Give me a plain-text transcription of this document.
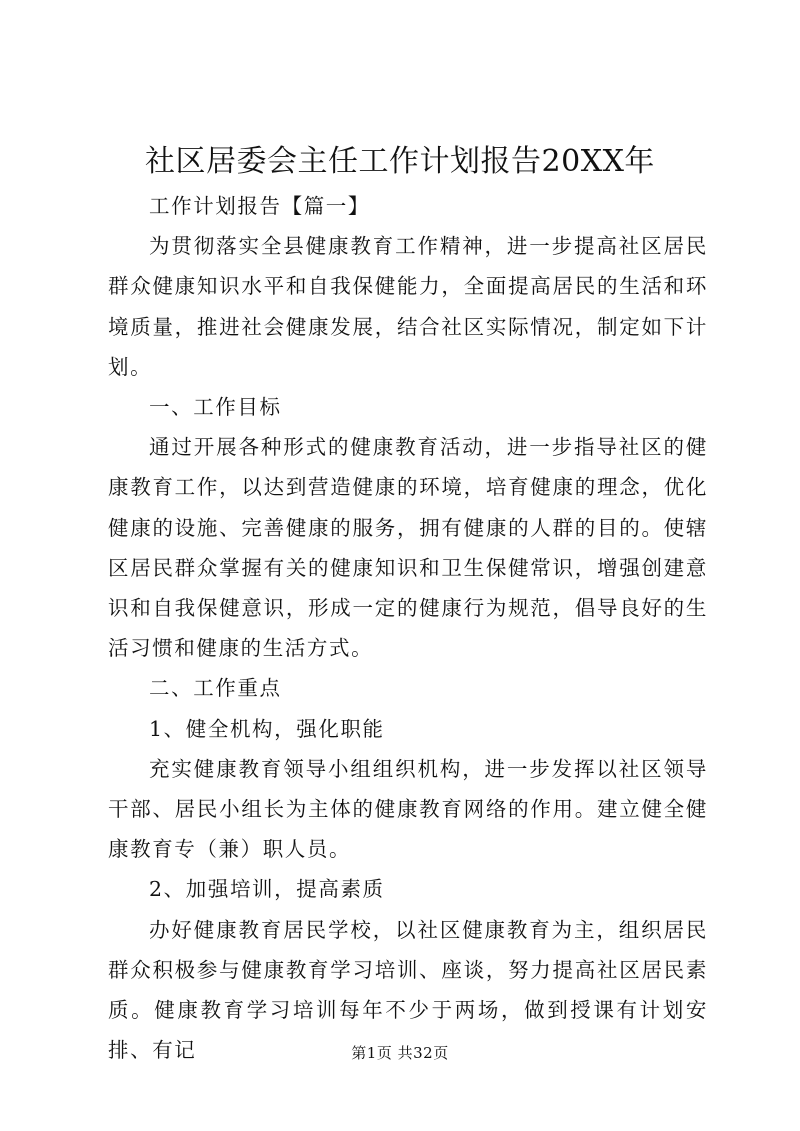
社区居委会主任工作计划报告20XX年

工作计划报告【篇一】

为贯彻落实全县健康教育工作精神，进一步提高社区居民群众健康知识水平和自我保健能力，全面提高居民的生活和环境质量，推进社会健康发展，结合社区实际情况，制定如下计划。

一、工作目标

通过开展各种形式的健康教育活动，进一步指导社区的健康教育工作，以达到营造健康的环境，培育健康的理念，优化健康的设施、完善健康的服务，拥有健康的人群的目的。使辖区居民群众掌握有关的健康知识和卫生保健常识，增强创建意识和自我保健意识，形成一定的健康行为规范，倡导良好的生活习惯和健康的生活方式。

二、工作重点

1、健全机构，强化职能

充实健康教育领导小组组织机构，进一步发挥以社区领导干部、居民小组长为主体的健康教育网络的作用。建立健全健康教育专（兼）职人员。

2、加强培训，提高素质

办好健康教育居民学校，以社区健康教育为主，组织居民群众积极参与健康教育学习培训、座谈，努力提高社区居民素质。健康教育学习培训每年不少于两场，做到授课有计划安排、有记	第1页 共32页
